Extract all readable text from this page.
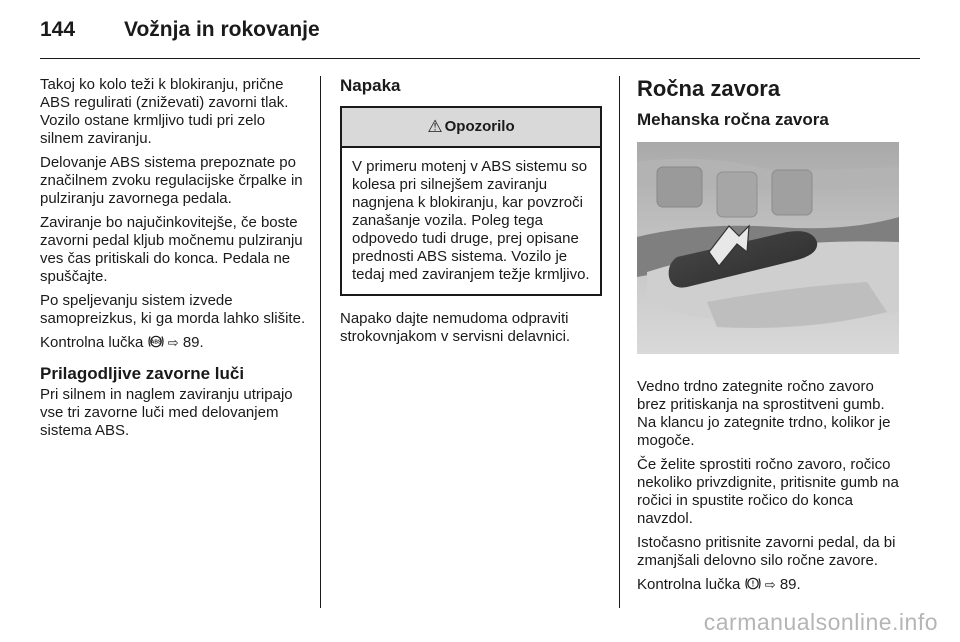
144 Vožnja in rokovanje

Takoj ko kolo teži k blokiranju, prične ABS regulirati (zniževati) zavorni tlak. Vozilo ostane krmljivo tudi pri zelo silnem zaviranju.

Delovanje ABS sistema prepoznate po značilnem zvoku regulacijske črpalke in pulziranju zavornega pedala.

Zaviranje bo najučinkovitejše, če boste zavorni pedal kljub močnemu pulziranju ves čas pritiskali do konca. Pedala ne spuščajte.

Po speljevanju sistem izvede samopreizkus, ki ga morda lahko slišite.

Kontrolna lučka ABS ⇨ 89.

Prilagodljive zavorne luči

Pri silnem in naglem zaviranju utripajo vse tri zavorne luči med delovanjem sistema ABS.

Napaka
⚠ Opozorilo
V primeru motenj v ABS sistemu so kolesa pri silnejšem zaviranju nagnjena k blokiranju, kar povzroči zanašanje vozila. Poleg tega odpovedo tudi druge, prej opisane prednosti ABS sistema. Vozilo je tedaj med zaviranjem težje krmljivo.

Napako dajte nemudoma odpraviti strokovnjakom v servisni delavnici.

Ročna zavora
Mehanska ročna zavora

Vedno trdno zategnite ročno zavoro brez pritiskanja na sprostitveni gumb. Na klancu jo zategnite trdno, kolikor je mogoče.

Če želite sprostiti ročno zavoro, ročico nekoliko privzdignite, pritisnite gumb na ročici in spustite ročico do konca navzdol.

Istočasno pritisnite zavorni pedal, da bi zmanjšali delovno silo ročne zavore.

Kontrolna lučka ! ⇨ 89.

carmanualsonline.info
